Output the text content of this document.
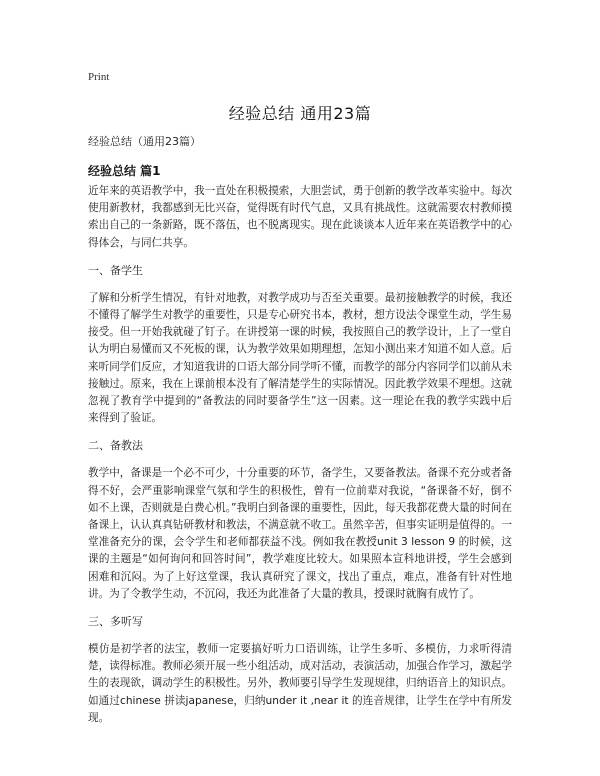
Print
经验总结 通用23篇
经验总结（通用23篇）
经验总结 篇1

近年来的英语教学中，我一直处在积极摸索，大胆尝试，勇于创新的教学改革实验中。每次使用新教材，我都感到无比兴奋，觉得既有时代气息，又具有挑战性。这就需要农村教师摸索出自己的一条新路，既不落伍，也不脱离现实。现在此谈谈本人近年来在英语教学中的心得体会，与同仁共享。

一、备学生

了解和分析学生情况，有针对地教，对教学成功与否至关重要。最初接触教学的时候，我还不懂得了解学生对教学的重要性，只是专心研究书本，教材，想方设法令课堂生动，学生易接受。但一开始我就碰了钉子。在讲授第一课的时候，我按照自己的教学设计，上了一堂自认为明白易懂而又不死板的课，认为教学效果如期理想，怎知小测出来才知道不如人意。后来听同学们反应，才知道我讲的口语大部分同学听不懂，而教学的部分内容同学们以前从未接触过。原来，我在上课前根本没有了解清楚学生的实际情况。因此教学效果不理想。这就忽视了教育学中提到的“备教法的同时要备学生”这一因素。这一理论在我的教学实践中后来得到了验证。

二、备教法

教学中，备课是一个必不可少，十分重要的环节，备学生，又要备教法。备课不充分或者备得不好，会严重影响课堂气氛和学生的积极性，曾有一位前辈对我说，“备课备不好，倒不如不上课，否则就是白费心机。”我明白到备课的重要性，因此，每天我都花费大量的时间在备课上，认认真真钻研教材和教法，不满意就不收工。虽然辛苦，但事实证明是值得的。一堂准备充分的课，会令学生和老师都获益不浅。例如我在教授unit 3 lesson 9 的时候，这课的主题是“如何询问和回答时间”，教学难度比较大。如果照本宣科地讲授，学生会感到困难和沉闷。为了上好这堂课，我认真研究了课文，找出了重点，难点，准备有针对性地讲。为了令教学生动，不沉闷，我还为此准备了大量的教具，授课时就胸有成竹了。

三、多听写

模仿是初学者的法宝，教师一定要搞好听力口语训练，让学生多听、多模仿，力求听得清楚，读得标准。教师必须开展一些小组活动，成对活动，表演活动，加强合作学习，激起学生的表现欲，调动学生的积极性。另外，教师要引导学生发现规律，归纳语音上的知识点。如通过chinese 拼读japanese，归纳under it ,near it 的连音规律，让学生在学中有所发现。
